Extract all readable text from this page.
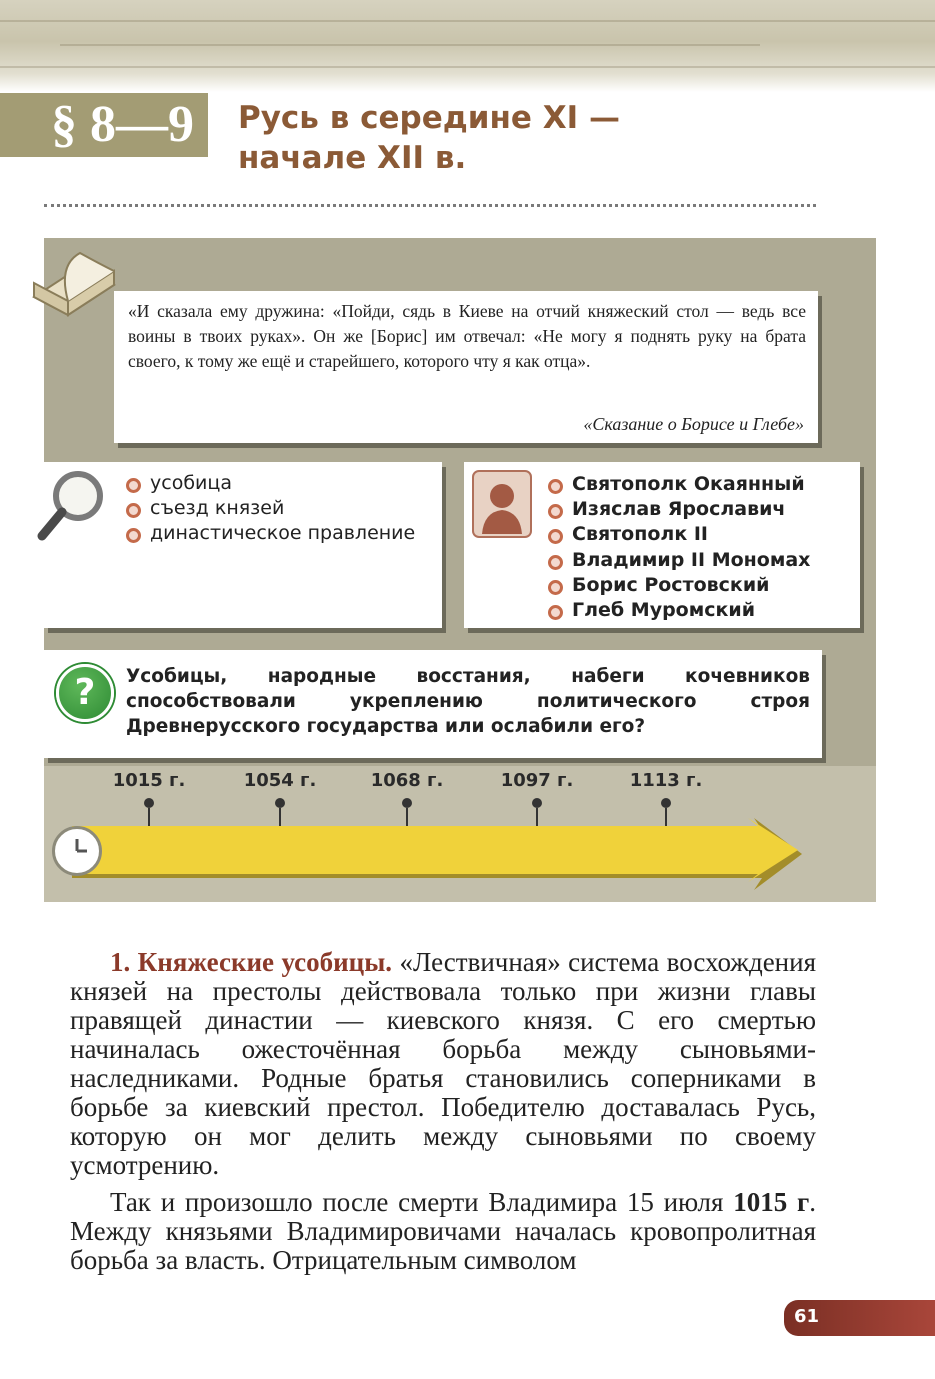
§ 8—9	Русь в середине XI —
начале XII в.
«И сказала ему дружина: «Пойди, сядь в Киеве на отчий княжеский стол — ведь все воины в твоих руках». Он же [Борис] им отвечал: «Не могу я поднять руку на брата своего, к тому же ещё и старейшего, которого чту я как отца».
«Сказание о Борисе и Глебе»
усобица
съезд князей
династическое правление
Святополк Окаянный
Изяслав Ярославич
Святополк II
Владимир II Мономах
Борис Ростовский
Глеб Муромский
?	Усобицы, народные восстания, набеги кочевников способствовали укреплению политического строя Древнерусского государства или ослабили его?
1015 г.	1054 г.	1068 г.	1097 г.	1113 г.

1. Княжеские усобицы. «Лествичная» система восхождения князей на престолы действовала только при жизни главы правящей династии — киевского князя. С его смертью начиналась ожесточённая борьба между сыновьями-наследниками. Родные братья становились соперниками в борьбе за киевский престол. Победителю доставалась Русь, которую он мог делить между сыновьями по своему усмотрению.

Так и произошло после смерти Владимира 15 июля 1015 г. Между князьями Владимировичами началась кровопролитная борьба за власть. Отрицательным символом

61
